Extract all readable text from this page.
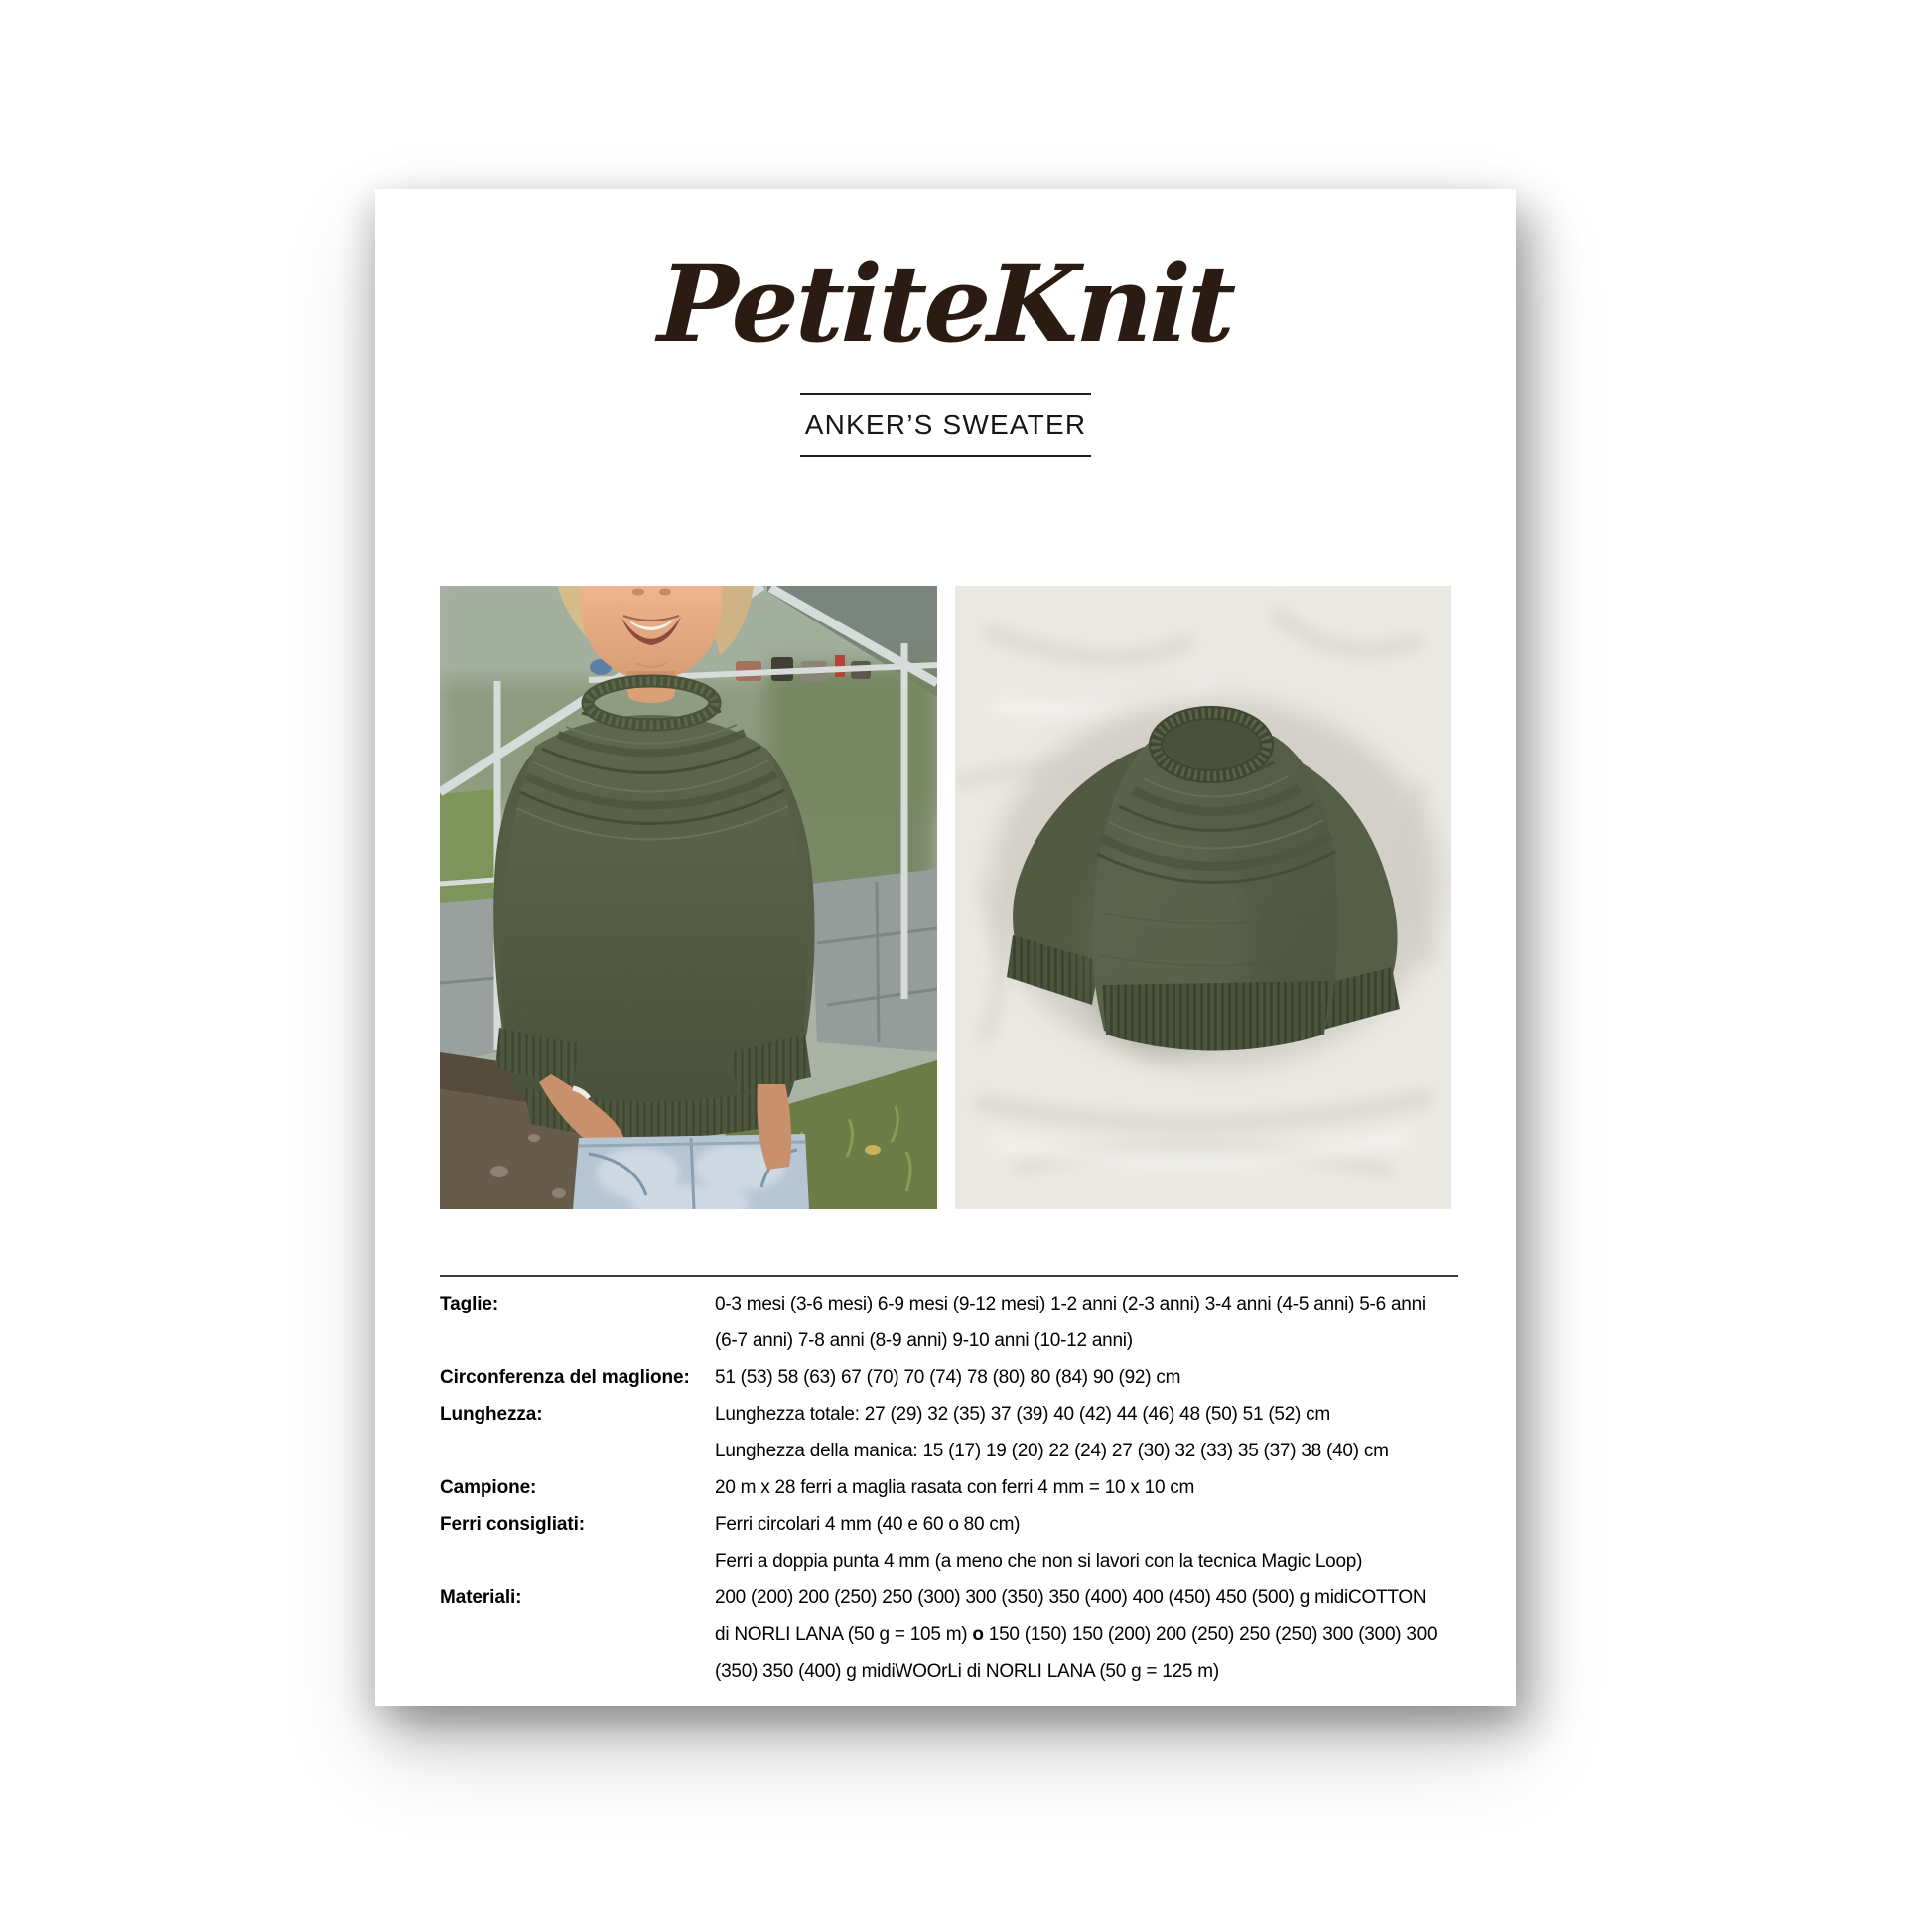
PetiteKnit
ANKER’S SWEATER
Taglie:	0-3 mesi (3-6 mesi) 6-9 mesi (9-12 mesi) 1-2 anni (2-3 anni) 3-4 anni (4-5 anni) 5-6 anni
(6-7 anni) 7-8 anni (8-9 anni) 9-10 anni (10-12 anni)
Circonferenza del maglione:	51 (53) 58 (63) 67 (70) 70 (74) 78 (80) 80 (84) 90 (92) cm
Lunghezza:	Lunghezza totale: 27 (29) 32 (35) 37 (39) 40 (42) 44 (46) 48 (50) 51 (52) cm
Lunghezza della manica: 15 (17) 19 (20) 22 (24) 27 (30) 32 (33) 35 (37) 38 (40) cm
Campione:	20 m x 28 ferri a maglia rasata con ferri 4 mm = 10 x 10 cm
Ferri consigliati:	Ferri circolari 4 mm (40 e 60 o 80 cm)
Ferri a doppia punta 4 mm (a meno che non si lavori con la tecnica Magic Loop)
Materiali:	200 (200) 200 (250) 250 (300) 300 (350) 350 (400) 400 (450) 450 (500) g midiCOTTON
di NORLI LANA (50 g = 105 m) o 150 (150) 150 (200) 200 (250) 250 (250) 300 (300) 300
(350) 350 (400) g midiWOOrLi di NORLI LANA (50 g = 125 m)
